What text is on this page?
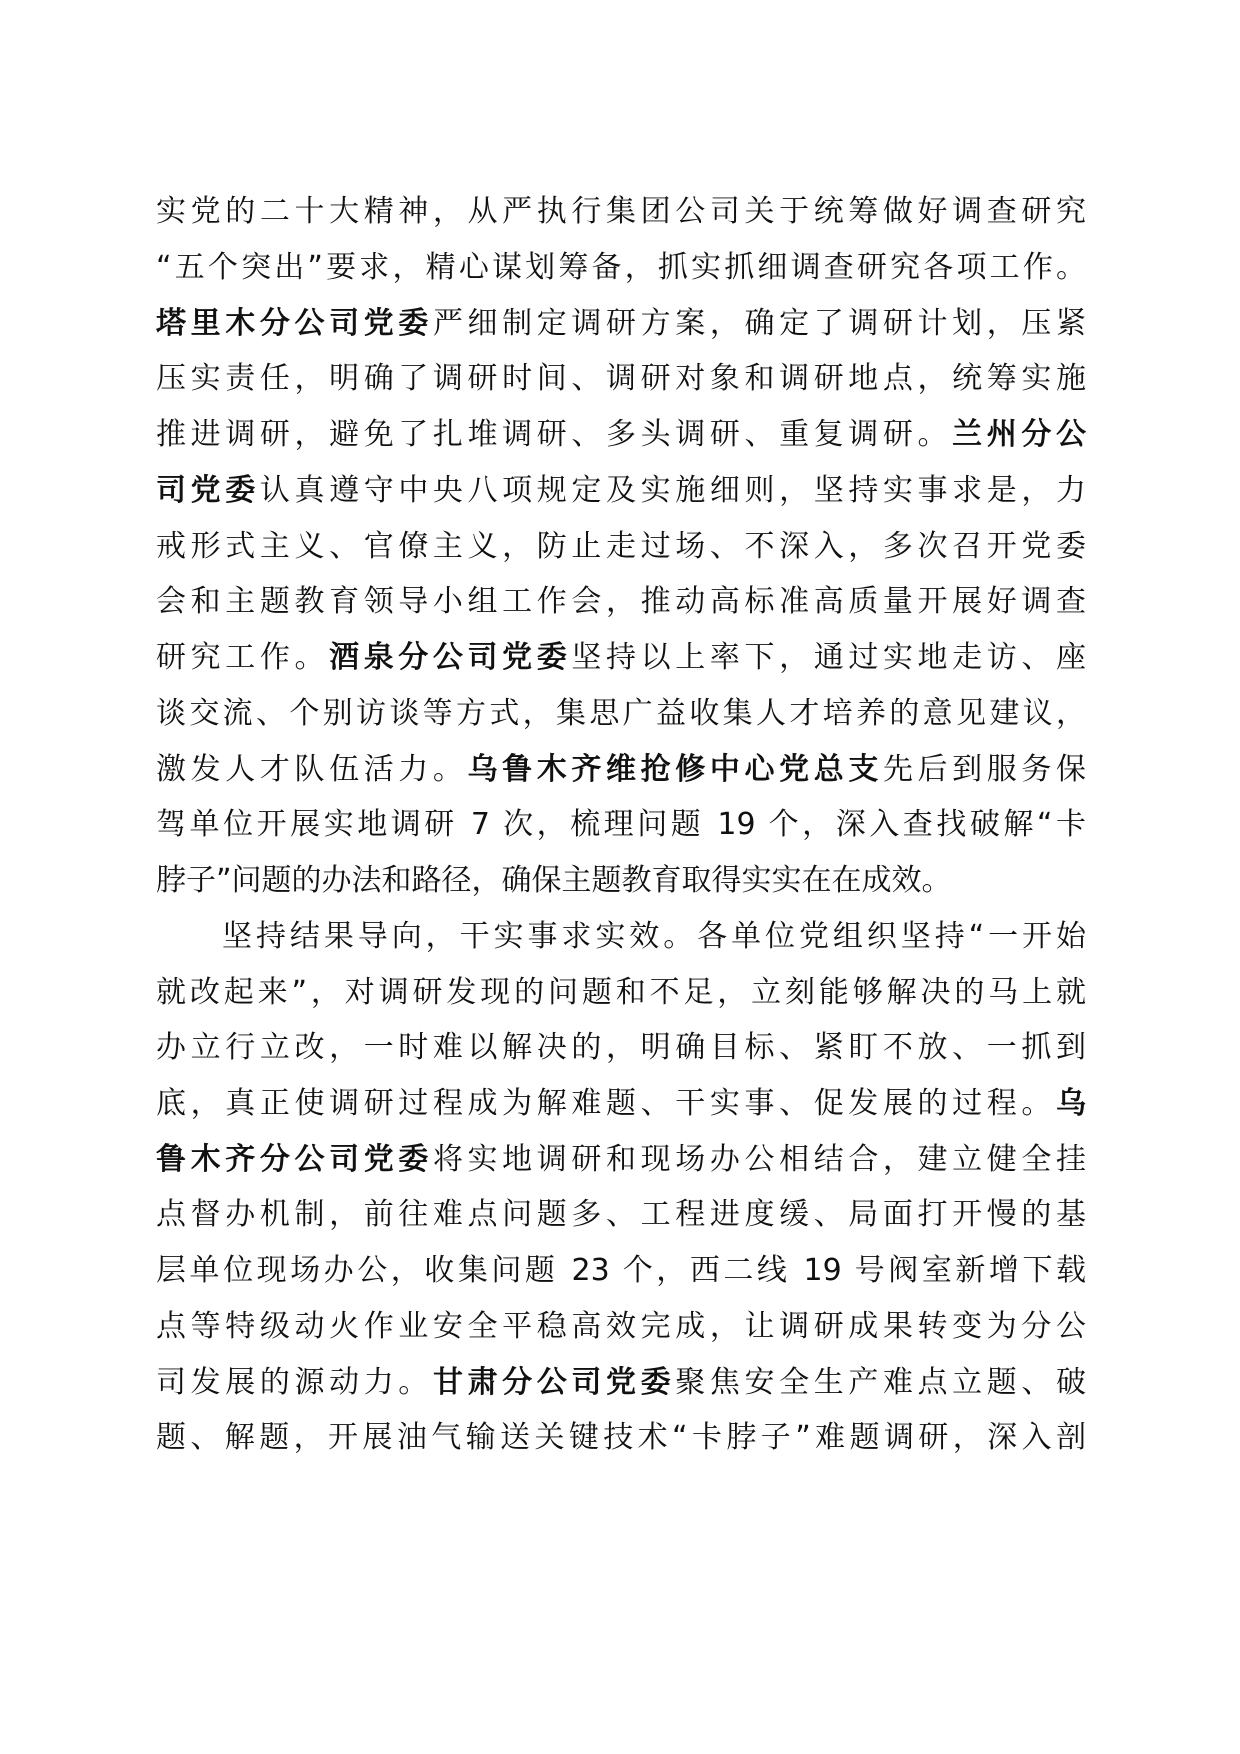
实党的二十大精神，从严执行集团公司关于统筹做好调查研究
“五个突出”要求，精心谋划筹备，抓实抓细调查研究各项工作。
塔里木分公司党委严细制定调研方案，确定了调研计划，压紧
压实责任，明确了调研时间、调研对象和调研地点，统筹实施
推进调研，避免了扎堆调研、多头调研、重复调研。兰州分公
司党委认真遵守中央八项规定及实施细则，坚持实事求是，力
戒形式主义、官僚主义，防止走过场、不深入，多次召开党委
会和主题教育领导小组工作会，推动高标准高质量开展好调查
研究工作。酒泉分公司党委坚持以上率下，通过实地走访、座
谈交流、个别访谈等方式，集思广益收集人才培养的意见建议，
激发人才队伍活力。乌鲁木齐维抢修中心党总支先后到服务保
驾单位开展实地调研 7 次，梳理问题 19 个，深入查找破解“卡
脖子”问题的办法和路径，确保主题教育取得实实在在成效。
坚持结果导向，干实事求实效。各单位党组织坚持“一开始
就改起来”，对调研发现的问题和不足，立刻能够解决的马上就
办立行立改，一时难以解决的，明确目标、紧盯不放、一抓到
底，真正使调研过程成为解难题、干实事、促发展的过程。乌
鲁木齐分公司党委将实地调研和现场办公相结合，建立健全挂
点督办机制，前往难点问题多、工程进度缓、局面打开慢的基
层单位现场办公，收集问题 23 个，西二线 19 号阀室新增下载
点等特级动火作业安全平稳高效完成，让调研成果转变为分公
司发展的源动力。甘肃分公司党委聚焦安全生产难点立题、破
题、解题，开展油气输送关键技术“卡脖子”难题调研，深入剖
